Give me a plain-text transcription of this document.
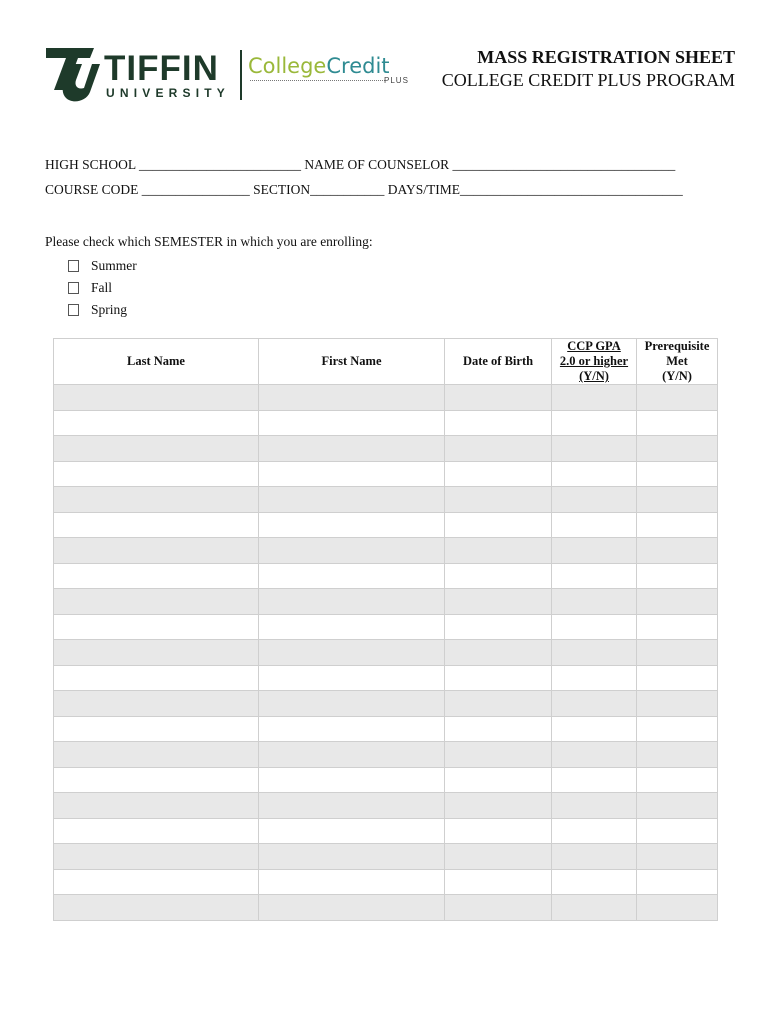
TIFFIN
UNIVERSITY
CollegeCredit
PLUS
MASS REGISTRATION SHEET
COLLEGE CREDIT PLUS PROGRAM
HIGH SCHOOL ________________________ NAME OF COUNSELOR _________________________________
COURSE CODE ________________ SECTION___________ DAYS/TIME_________________________________
Please check which SEMESTER in which you are enrolling:
Summer
Fall
Spring
Last Name	First Name	Date of Birth	CCP GPA
2.0 or higher
(Y/N)	Prerequisite
Met
(Y/N)
